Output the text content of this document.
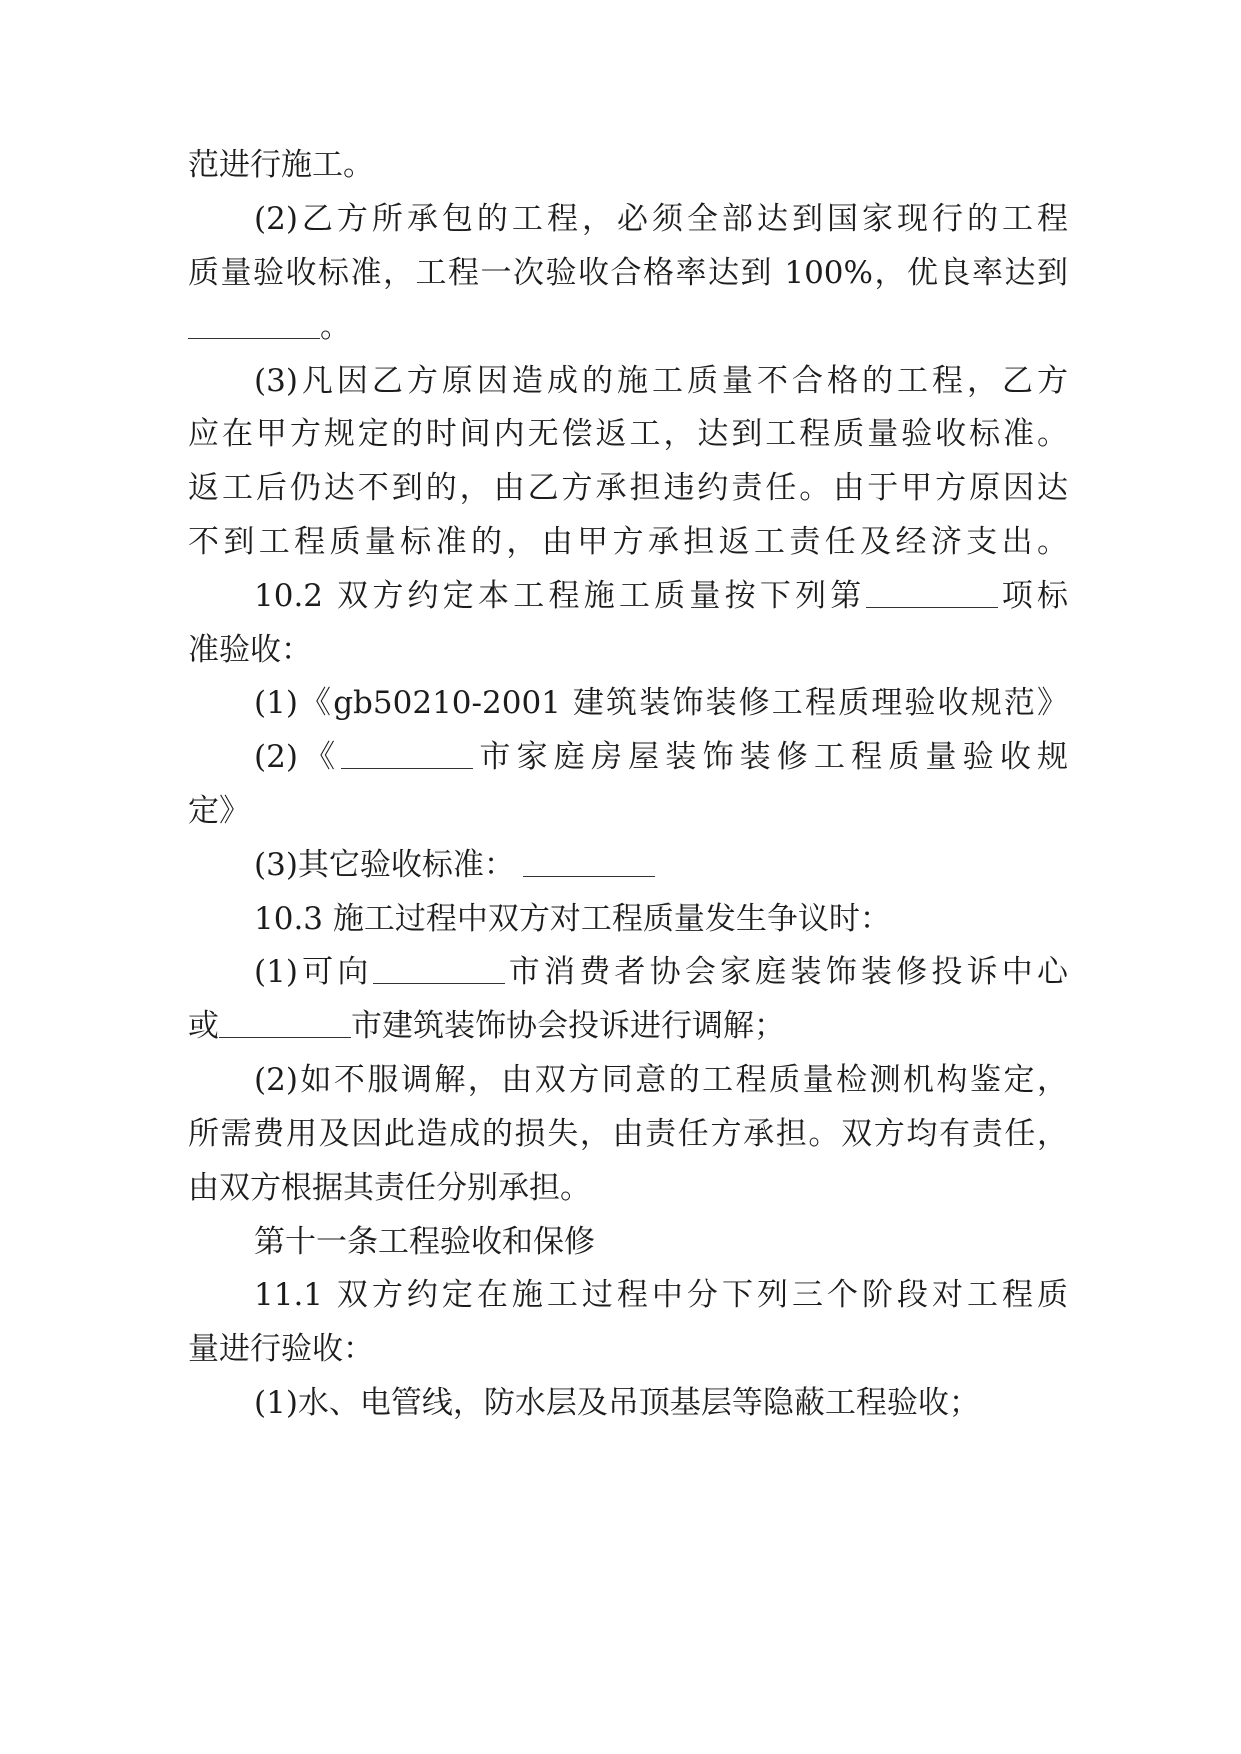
范进行施工。
(2)乙方所承包的工程，必须全部达到国家现行的工程
质量验收标准，工程一次验收合格率达到 100%，优良率达到
。
(3)凡因乙方原因造成的施工质量不合格的工程，乙方
应在甲方规定的时间内无偿返工，达到工程质量验收标准。
返工后仍达不到的，由乙方承担违约责任。由于甲方原因达
不到工程质量标准的，由甲方承担返工责任及经济支出。
10.2 双方约定本工程施工质量按下列第	项标
准验收：
(1)《gb50210-2001 建筑装饰装修工程质理验收规范》
(2)《	市家庭房屋装饰装修工程质量验收规
定》
(3)其它验收标准：
10.3 施工过程中双方对工程质量发生争议时：
(1)可向	市消费者协会家庭装饰装修投诉中心
或	市建筑装饰协会投诉进行调解；
(2)如不服调解，由双方同意的工程质量检测机构鉴定，
所需费用及因此造成的损失，由责任方承担。双方均有责任，
由双方根据其责任分别承担。
第十一条工程验收和保修
11.1 双方约定在施工过程中分下列三个阶段对工程质
量进行验收：
(1)水、电管线，防水层及吊顶基层等隐蔽工程验收；
